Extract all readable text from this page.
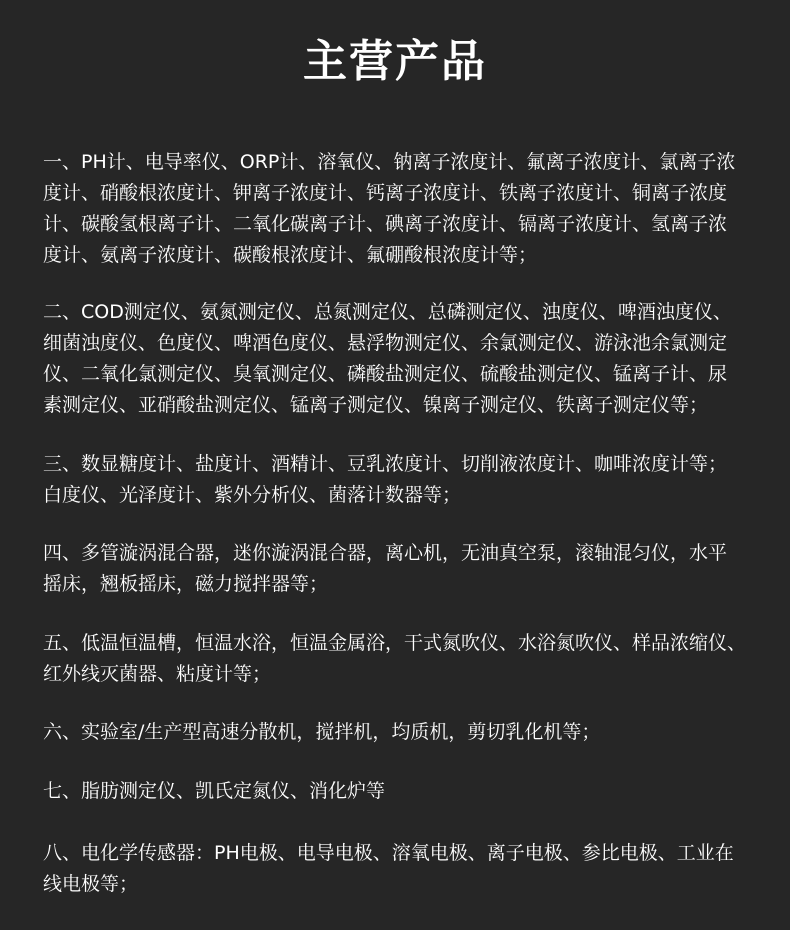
主营产品

一、PH计、电导率仪、ORP计、溶氧仪、钠离子浓度计、氟离子浓度计、氯离子浓
度计、硝酸根浓度计、钾离子浓度计、钙离子浓度计、铁离子浓度计、铜离子浓度
计、碳酸氢根离子计、二氧化碳离子计、碘离子浓度计、镉离子浓度计、氢离子浓
度计、氨离子浓度计、碳酸根浓度计、氟硼酸根浓度计等；

二、COD测定仪、氨氮测定仪、总氮测定仪、总磷测定仪、浊度仪、啤酒浊度仪、
细菌浊度仪、色度仪、啤酒色度仪、悬浮物测定仪、余氯测定仪、游泳池余氯测定
仪、二氧化氯测定仪、臭氧测定仪、磷酸盐测定仪、硫酸盐测定仪、锰离子计、尿
素测定仪、亚硝酸盐测定仪、锰离子测定仪、镍离子测定仪、铁离子测定仪等；

三、数显糖度计、盐度计、酒精计、豆乳浓度计、切削液浓度计、咖啡浓度计等；
白度仪、光泽度计、紫外分析仪、菌落计数器等；

四、多管漩涡混合器，迷你漩涡混合器，离心机，无油真空泵，滚轴混匀仪，水平
摇床，翘板摇床，磁力搅拌器等；

五、低温恒温槽，恒温水浴，恒温金属浴，干式氮吹仪、水浴氮吹仪、样品浓缩仪、
红外线灭菌器、粘度计等；

六、实验室/生产型高速分散机，搅拌机，均质机，剪切乳化机等；

七、脂肪测定仪、凯氏定氮仪、消化炉等

八、电化学传感器：PH电极、电导电极、溶氧电极、离子电极、参比电极、工业在
线电极等；
